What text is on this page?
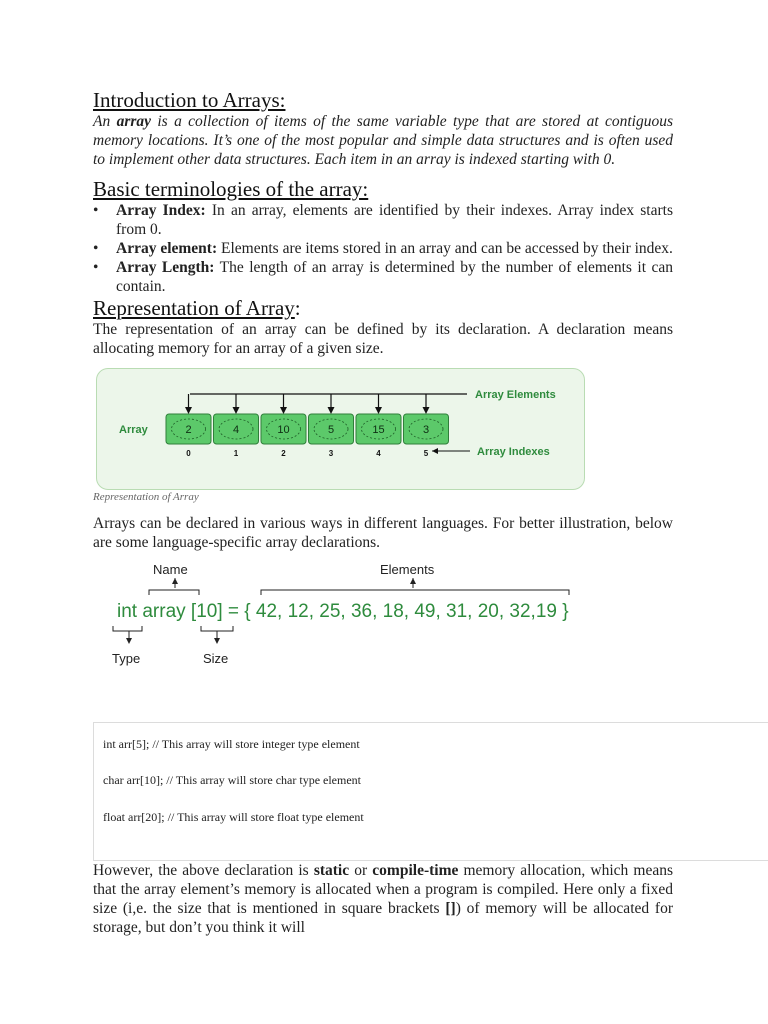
Introduction to Arrays:

An array is a collection of items of the same variable type that are stored at contiguous memory locations. It’s one of the most popular and simple data structures and is often used to implement other data structures. Each item in an array is indexed starting with 0.

Basic terminologies of the array:
• Array Index: In an array, elements are identified by their indexes. Array index starts from 0.
• Array element: Elements are items stored in an array and can be accessed by their index.
• Array Length: The length of an array is determined by the number of elements it can contain.
Representation of Array:

The representation of an array can be defined by its declaration. A declaration means allocating memory for an array of a given size.

Array	2
0
4
1
10
2
5
3
15
4
3
5
Array Elements
Array Indexes
Representation of Array

Arrays can be declared in various ways in different languages. For better illustration, below are some language-specific array declarations.

Name	Elements
int array [10] = { 42, 12, 25, 36, 18, 49, 31, 20, 32,19 }
Type	Size
int arr[5]; // This array will store integer type element
char arr[10]; // This array will store char type element
float arr[20]; // This array will store float type element

However, the above declaration is static or compile-time memory allocation, which means that the array element’s memory is allocated when a program is compiled. Here only a fixed size (i,e. the size that is mentioned in square brackets []) of memory will be allocated for storage, but don’t you think it will
